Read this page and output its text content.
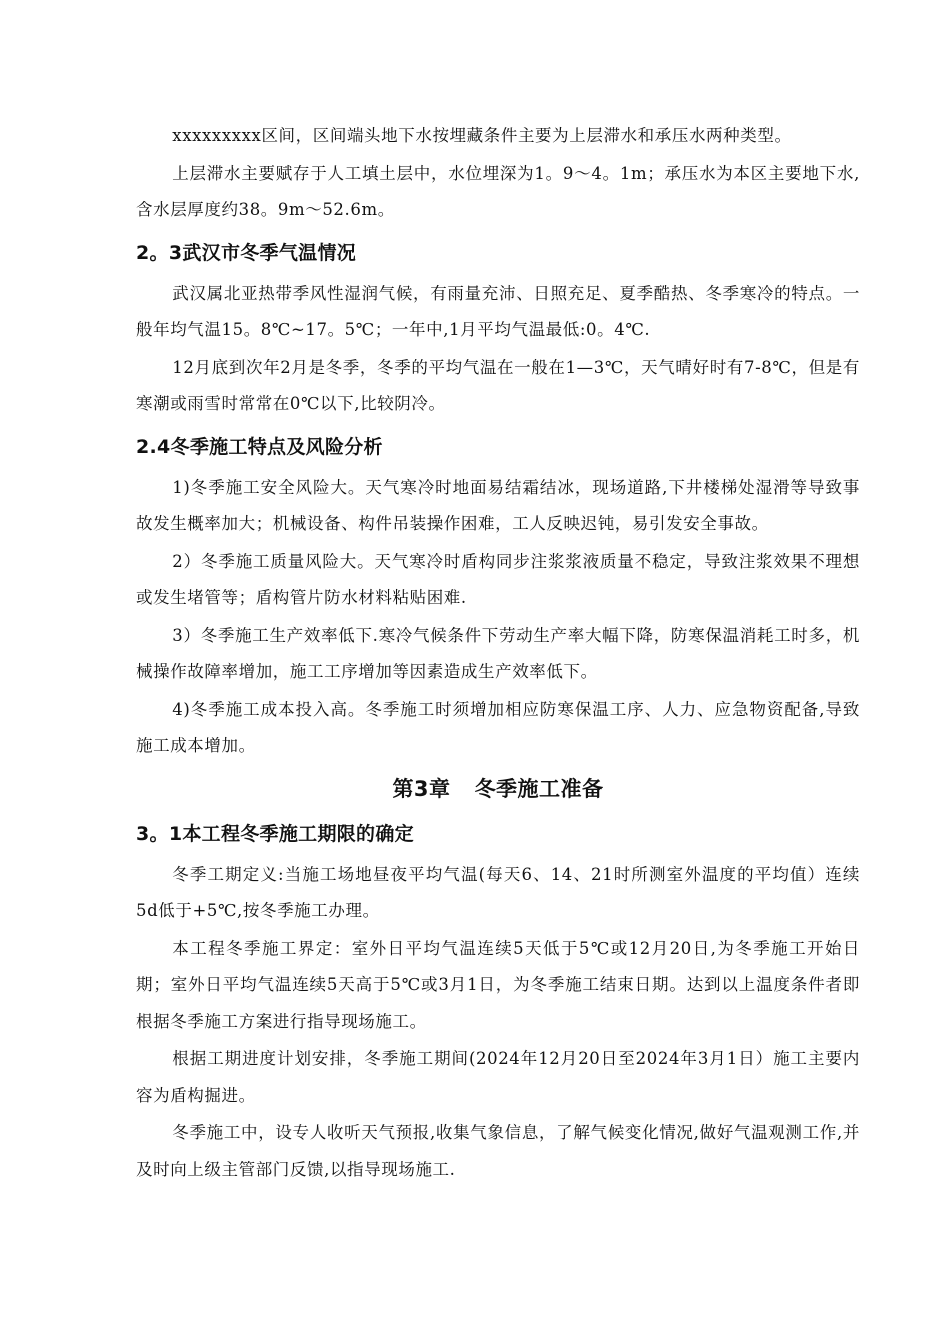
xxxxxxxxx区间，区间端头地下水按埋藏条件主要为上层滞水和承压水两种类型。

上层滞水主要赋存于人工填土层中，水位埋深为1。9～4。1m；承压水为本区主要地下水,含水层厚度约38。9m～52.6m。

2。3武汉市冬季气温情况

武汉属北亚热带季风性湿润气候，有雨量充沛、日照充足、夏季酷热、冬季寒冷的特点。一般年均气温15。8℃~17。5℃；一年中,1月平均气温最低:0。4℃.

12月底到次年2月是冬季，冬季的平均气温在一般在1—3℃，天气晴好时有7-8℃，但是有寒潮或雨雪时常常在0℃以下,比较阴冷。

2.4冬季施工特点及风险分析

1)冬季施工安全风险大。天气寒冷时地面易结霜结冰，现场道路,下井楼梯处湿滑等导致事故发生概率加大；机械设备、构件吊装操作困难，工人反映迟钝，易引发安全事故。

2）冬季施工质量风险大。天气寒冷时盾构同步注浆浆液质量不稳定，导致注浆效果不理想或发生堵管等；盾构管片防水材料粘贴困难.

3）冬季施工生产效率低下.寒冷气候条件下劳动生产率大幅下降，防寒保温消耗工时多，机械操作故障率增加，施工工序增加等因素造成生产效率低下。

4)冬季施工成本投入高。冬季施工时须增加相应防寒保温工序、人力、应急物资配备,导致施工成本增加。

第3章 冬季施工准备
3。1本工程冬季施工期限的确定

冬季工期定义:当施工场地昼夜平均气温(每天6、14、21时所测室外温度的平均值）连续5d低于+5℃,按冬季施工办理。

本工程冬季施工界定：室外日平均气温连续5天低于5℃或12月20日,为冬季施工开始日期；室外日平均气温连续5天高于5℃或3月1日，为冬季施工结束日期。达到以上温度条件者即根据冬季施工方案进行指导现场施工。

根据工期进度计划安排，冬季施工期间(2024年12月20日至2024年3月1日）施工主要内容为盾构掘进。

冬季施工中，设专人收听天气预报,收集气象信息，了解气候变化情况,做好气温观测工作,并及时向上级主管部门反馈,以指导现场施工.
